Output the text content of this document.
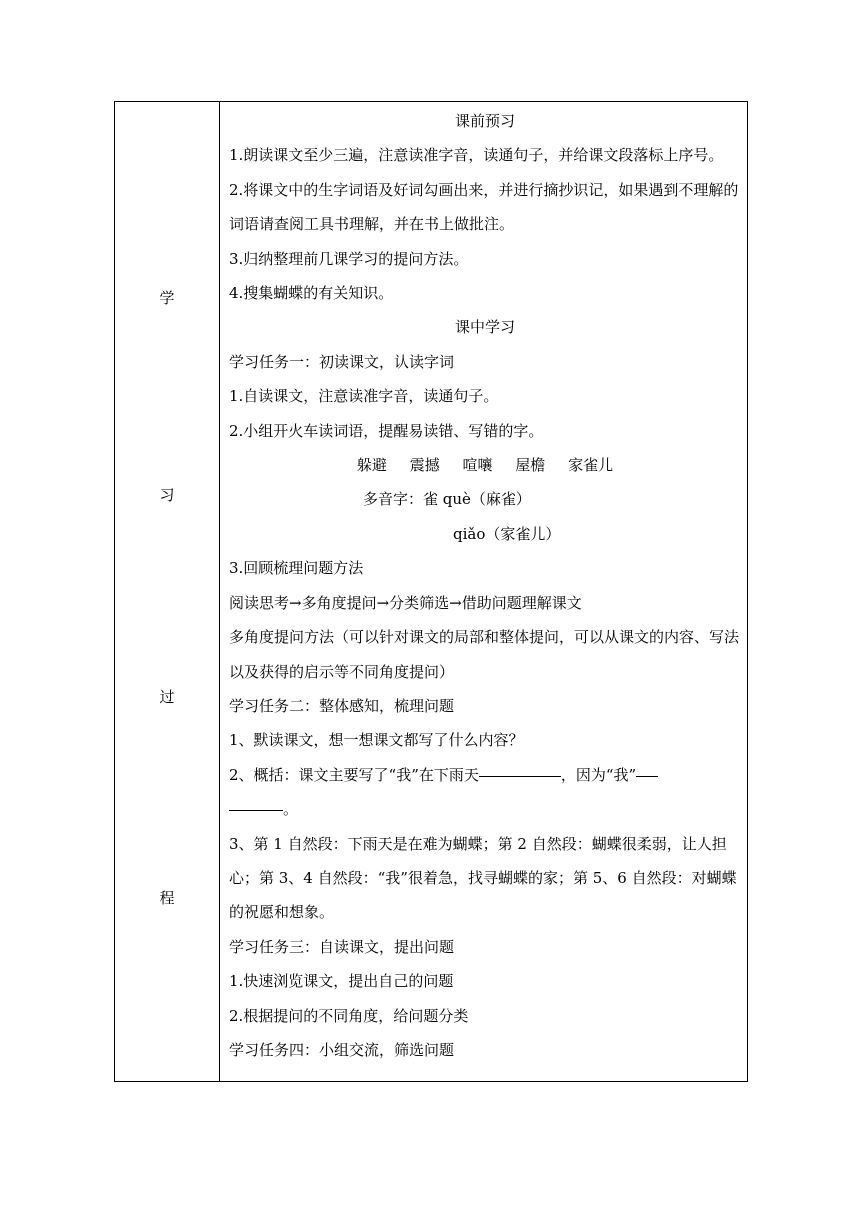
学
习
过
程

课前预习

1.朗读课文至少三遍，注意读准字音，读通句子，并给课文段落标上序号。

2.将课文中的生字词语及好词勾画出来，并进行摘抄识记，如果遇到不理解的词语请查阅工具书理解，并在书上做批注。

3.归纳整理前几课学习的提问方法。

4.搜集蝴蝶的有关知识。

课中学习

学习任务一：初读课文，认读字词

1.自读课文，注意读准字音，读通句子。

2.小组开火车读词语，提醒易读错、写错的字。

躲避 震撼 喧嚷 屋檐 家雀儿

多音字：雀 què（麻雀）

qiǎo（家雀儿）

3.回顾梳理问题方法

阅读思考→多角度提问→分类筛选→借助问题理解课文

多角度提问方法（可以针对课文的局部和整体提问，可以从课文的内容、写法以及获得的启示等不同角度提问）

学习任务二：整体感知，梳理问题

1、默读课文，想一想课文都写了什么内容？

2、概括：课文主要写了“我”在下雨天	，因为“我”

。

3、第 1 自然段：下雨天是在难为蝴蝶；第 2 自然段：蝴蝶很柔弱，让人担心；第 3、4 自然段：“我”很着急，找寻蝴蝶的家；第 5、6 自然段：对蝴蝶的祝愿和想象。

学习任务三：自读课文，提出问题

1.快速浏览课文，提出自己的问题

2.根据提问的不同角度，给问题分类

学习任务四：小组交流，筛选问题
